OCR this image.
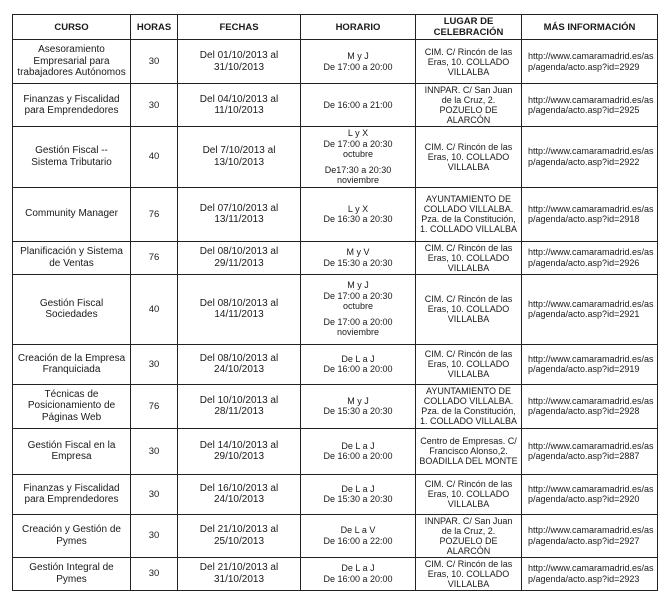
CURSO	HORAS	FECHAS	HORARIO	LUGAR DE CELEBRACIÓN	MÁS INFORMACIÓN
Asesoramiento Empresarial para trabajadores Autónomos	30	Del 01/10/2013 al 31/10/2013	M y J
De 17:00 a 20:00	CIM. C/ Rincón de las Eras, 10. COLLADO VILLALBA	http://www.camaramadrid.es/as p/agenda/acto.asp?id=2929
Finanzas y Fiscalidad para Emprendedores	30	Del 04/10/2013 al 11/10/2013	De 16:00 a 21:00	INNPAR. C/ San Juan de la Cruz, 2. POZUELO DE ALARCÓN	http://www.camaramadrid.es/as p/agenda/acto.asp?id=2925
Gestión Fiscal -- Sistema Tributario	40	Del 7/10/2013 al 13/10/2013	L y X
De 17:00 a 20:30
octubre
De17:30 a 20:30
noviembre	CIM. C/ Rincón de las Eras, 10. COLLADO VILLALBA	http://www.camaramadrid.es/as p/agenda/acto.asp?id=2922
Community Manager	76	Del 07/10/2013 al 13/11/2013	L y X
De 16:30 a 20:30	AYUNTAMIENTO DE COLLADO VILLALBA. Pza. de la Constitución, 1. COLLADO VILLALBA	http://www.camaramadrid.es/as p/agenda/acto.asp?id=2918
Planificación y Sistema de Ventas	76	Del 08/10/2013 al 29/11/2013	M y V
De 15:30 a 20:30	CIM. C/ Rincón de las Eras, 10. COLLADO VILLALBA	http://www.camaramadrid.es/as p/agenda/acto.asp?id=2926
Gestión Fiscal Sociedades	40	Del 08/10/2013 al 14/11/2013	M y J
De 17:00 a 20:30
octubre
De 17:00 a 20:00
noviembre	CIM. C/ Rincón de las Eras, 10. COLLADO VILLALBA	http://www.camaramadrid.es/as p/agenda/acto.asp?id=2921
Creación de la Empresa Franquiciada	30	Del 08/10/2013 al 24/10/2013	De L a J
De 16:00 a 20:00	CIM. C/ Rincón de las Eras, 10. COLLADO VILLALBA	http://www.camaramadrid.es/as p/agenda/acto.asp?id=2919
Técnicas de Posicionamiento de Páginas Web	76	Del 10/10/2013 al 28/11/2013	M y J
De 15:30 a 20:30	AYUNTAMIENTO DE COLLADO VILLALBA. Pza. de la Constitución, 1. COLLADO VILLALBA	http://www.camaramadrid.es/as p/agenda/acto.asp?id=2928
Gestión Fiscal en la Empresa	30	Del 14/10/2013 al 29/10/2013	De L a J
De 16:00 a 20:00	Centro de Empresas. C/ Francisco Alonso,2. BOADILLA DEL MONTE	http://www.camaramadrid.es/as p/agenda/acto.asp?id=2887
Finanzas y Fiscalidad para Emprendedores	30	Del 16/10/2013 al 24/10/2013	De L a J
De 15:30 a 20:30	CIM. C/ Rincón de las Eras, 10. COLLADO VILLALBA	http://www.camaramadrid.es/as p/agenda/acto.asp?id=2920
Creación y Gestión de Pymes	30	Del 21/10/2013 al 25/10/2013	De L a V
De 16:00 a 22:00	INNPAR. C/ San Juan de la Cruz, 2. POZUELO DE ALARCÓN	http://www.camaramadrid.es/as p/agenda/acto.asp?id=2927
Gestión Integral de Pymes	30	Del 21/10/2013 al 31/10/2013	De L a J
De 16:00 a 20:00	CIM. C/ Rincón de las Eras, 10. COLLADO VILLALBA	http://www.camaramadrid.es/as p/agenda/acto.asp?id=2923
